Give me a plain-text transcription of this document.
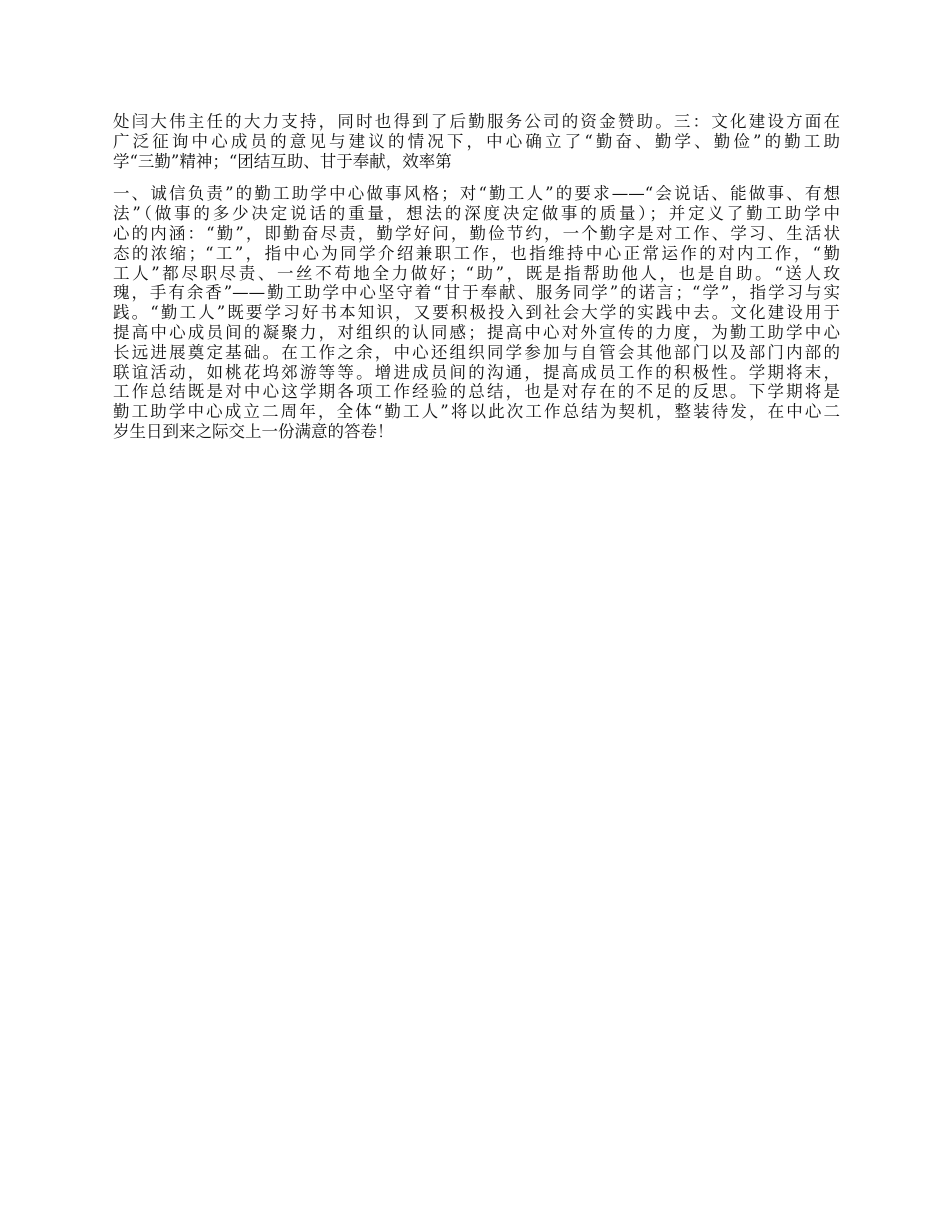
处闫大伟主任的大力支持，同时也得到了后勤服务公司的资金赞助。三：文化建设方面在
广泛征询中心成员的意见与建议的情况下，中心确立了“勤奋、勤学、勤俭”的勤工助
学“三勤”精神；“团结互助、甘于奉献，效率第

一、诚信负责”的勤工助学中心做事风格；对“勤工人”的要求——“会说话、能做事、有想
法”（做事的多少决定说话的重量，想法的深度决定做事的质量）；并定义了勤工助学中
心的内涵：“勤”，即勤奋尽责，勤学好问，勤俭节约，一个勤字是对工作、学习、生活状
态的浓缩；“工”，指中心为同学介绍兼职工作，也指维持中心正常运作的对内工作，“勤
工人”都尽职尽责、一丝不苟地全力做好；“助”，既是指帮助他人，也是自助。“送人玫
瑰，手有余香”——勤工助学中心坚守着“甘于奉献、服务同学”的诺言；“学”，指学习与实
践。“勤工人”既要学习好书本知识，又要积极投入到社会大学的实践中去。文化建设用于
提高中心成员间的凝聚力，对组织的认同感；提高中心对外宣传的力度，为勤工助学中心
长远进展奠定基础。在工作之余，中心还组织同学参加与自管会其他部门以及部门内部的
联谊活动，如桃花坞郊游等等。增进成员间的沟通，提高成员工作的积极性。学期将末，
工作总结既是对中心这学期各项工作经验的总结，也是对存在的不足的反思。下学期将是
勤工助学中心成立二周年，全体“勤工人”将以此次工作总结为契机，整装待发，在中心二
岁生日到来之际交上一份满意的答卷！
